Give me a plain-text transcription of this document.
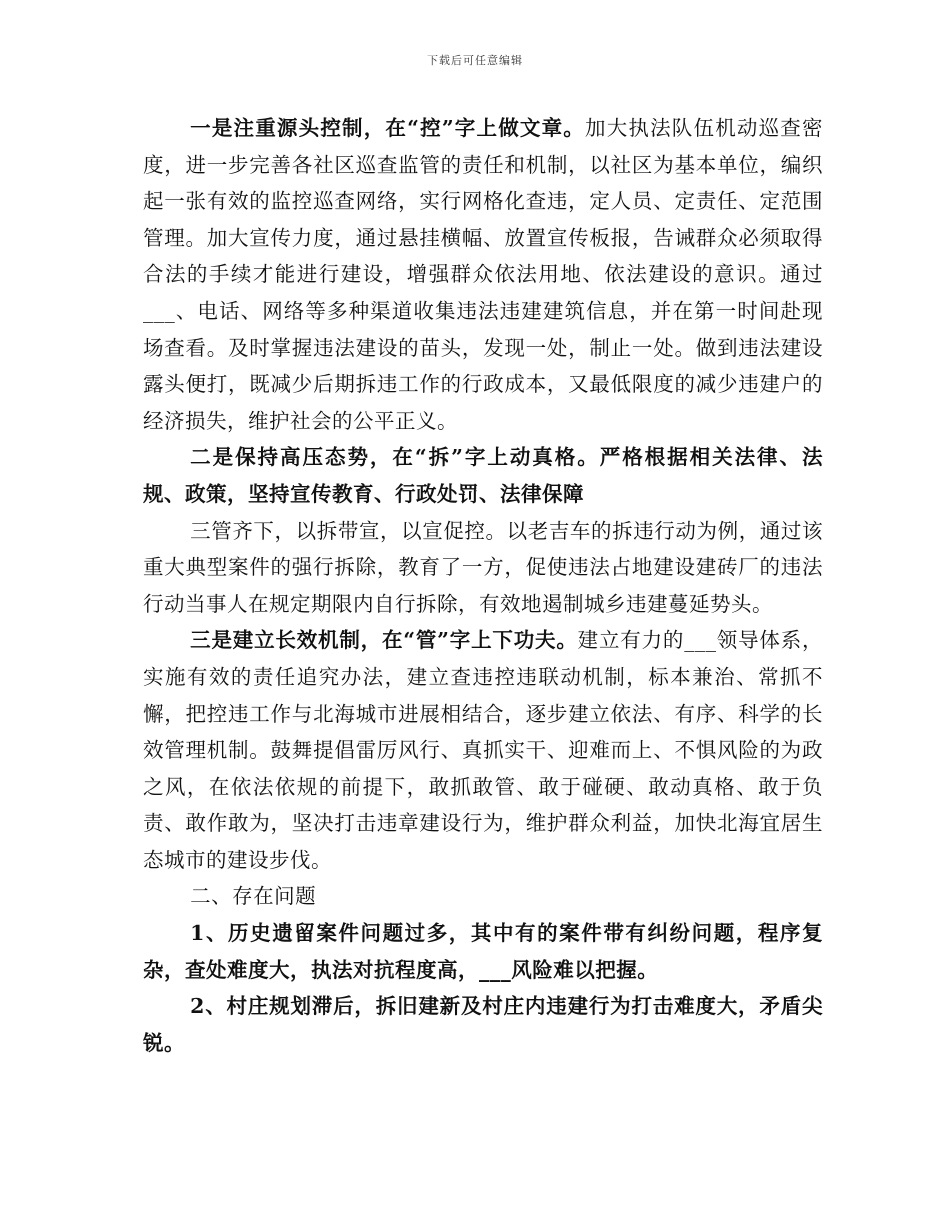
下载后可任意编辑

一是注重源头控制，在“控”字上做文章。加大执法队伍机动巡查密度，进一步完善各社区巡查监管的责任和机制，以社区为基本单位，编织起一张有效的监控巡查网络，实行网格化查违，定人员、定责任、定范围管理。加大宣传力度，通过悬挂横幅、放置宣传板报，告诫群众必须取得合法的手续才能进行建设，增强群众依法用地、依法建设的意识。通过___、电话、网络等多种渠道收集违法违建建筑信息，并在第一时间赴现场查看。及时掌握违法建设的苗头，发现一处，制止一处。做到违法建设露头便打，既减少后期拆违工作的行政成本，又最低限度的减少违建户的经济损失，维护社会的公平正义。

二是保持高压态势，在“拆”字上动真格。严格根据相关法律、法规、政策，坚持宣传教育、行政处罚、法律保障

三管齐下，以拆带宣，以宣促控。以老吉车的拆违行动为例，通过该重大典型案件的强行拆除，教育了一方，促使违法占地建设建砖厂的违法行动当事人在规定期限内自行拆除，有效地遏制城乡违建蔓延势头。

三是建立长效机制，在“管”字上下功夫。建立有力的___领导体系，实施有效的责任追究办法，建立查违控违联动机制，标本兼治、常抓不懈，把控违工作与北海城市进展相结合，逐步建立依法、有序、科学的长效管理机制。鼓舞提倡雷厉风行、真抓实干、迎难而上、不惧风险的为政之风，在依法依规的前提下，敢抓敢管、敢于碰硬、敢动真格、敢于负责、敢作敢为，坚决打击违章建设行为，维护群众利益，加快北海宜居生态城市的建设步伐。

二、存在问题

1、历史遗留案件问题过多，其中有的案件带有纠纷问题，程序复杂，查处难度大，执法对抗程度高，___风险难以把握。

2、村庄规划滞后，拆旧建新及村庄内违建行为打击难度大，矛盾尖锐。
